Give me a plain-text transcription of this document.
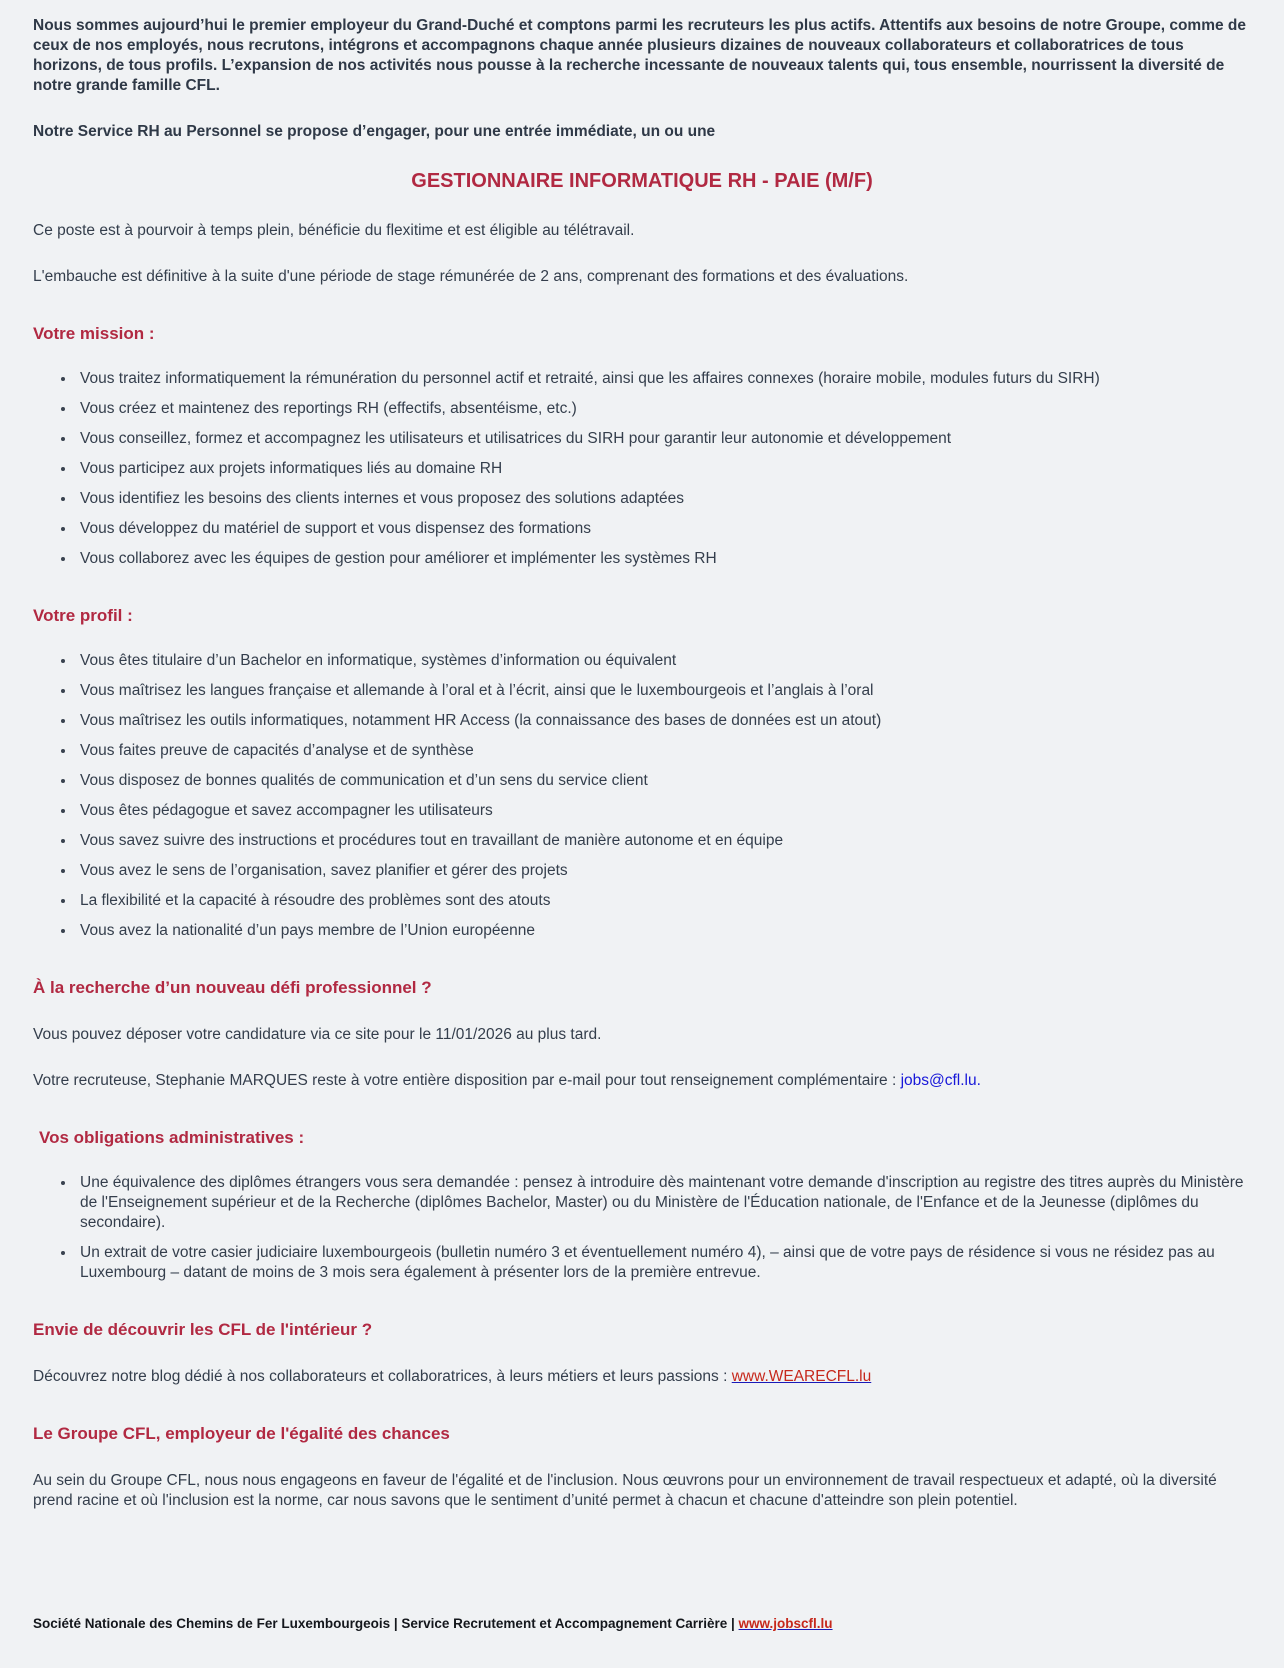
Nous sommes aujourd’hui le premier employeur du Grand-Duché et comptons parmi les recruteurs les plus actifs. Attentifs aux besoins de notre Groupe, comme de ceux de nos employés, nous recrutons, intégrons et accompagnons chaque année plusieurs dizaines de nouveaux collaborateurs et collaboratrices de tous horizons, de tous profils. L’expansion de nos activités nous pousse à la recherche incessante de nouveaux talents qui, tous ensemble, nourrissent la diversité de notre grande famille CFL.

Notre Service RH au Personnel se propose d’engager, pour une entrée immédiate, un ou une

GESTIONNAIRE INFORMATIQUE RH - PAIE (M/F)

Ce poste est à pourvoir à temps plein, bénéficie du flexitime et est éligible au télétravail.

L'embauche est définitive à la suite d'une période de stage rémunérée de 2 ans, comprenant des formations et des évaluations.

Votre mission :
Vous traitez informatiquement la rémunération du personnel actif et retraité, ainsi que les affaires connexes (horaire mobile, modules futurs du SIRH)
Vous créez et maintenez des reportings RH (effectifs, absentéisme, etc.)
Vous conseillez, formez et accompagnez les utilisateurs et utilisatrices du SIRH pour garantir leur autonomie et développement
Vous participez aux projets informatiques liés au domaine RH
Vous identifiez les besoins des clients internes et vous proposez des solutions adaptées
Vous développez du matériel de support et vous dispensez des formations
Vous collaborez avec les équipes de gestion pour améliorer et implémenter les systèmes RH
Votre profil :
Vous êtes titulaire d’un Bachelor en informatique, systèmes d’information ou équivalent
Vous maîtrisez les langues française et allemande à l’oral et à l’écrit, ainsi que le luxembourgeois et l’anglais à l’oral
Vous maîtrisez les outils informatiques, notamment HR Access (la connaissance des bases de données est un atout)
Vous faites preuve de capacités d’analyse et de synthèse
Vous disposez de bonnes qualités de communication et d’un sens du service client
Vous êtes pédagogue et savez accompagner les utilisateurs
Vous savez suivre des instructions et procédures tout en travaillant de manière autonome et en équipe
Vous avez le sens de l’organisation, savez planifier et gérer des projets
La flexibilité et la capacité à résoudre des problèmes sont des atouts
Vous avez la nationalité d’un pays membre de l’Union européenne
À la recherche d’un nouveau défi professionnel ?

Vous pouvez déposer votre candidature via ce site pour le 11/01/2026 au plus tard.

Votre recruteuse, Stephanie MARQUES reste à votre entière disposition par e-mail pour tout renseignement complémentaire : jobs@cfl.lu.

Vos obligations administratives :
Une équivalence des diplômes étrangers vous sera demandée : pensez à introduire dès maintenant votre demande d'inscription au registre des titres auprès du Ministère de l'Enseignement supérieur et de la Recherche (diplômes Bachelor, Master) ou du Ministère de l'Éducation nationale, de l'Enfance et de la Jeunesse (diplômes du secondaire).
Un extrait de votre casier judiciaire luxembourgeois (bulletin numéro 3 et éventuellement numéro 4), – ainsi que de votre pays de résidence si vous ne résidez pas au Luxembourg – datant de moins de 3 mois sera également à présenter lors de la première entrevue.
Envie de découvrir les CFL de l'intérieur ?

Découvrez notre blog dédié à nos collaborateurs et collaboratrices, à leurs métiers et leurs passions : www.WEARECFL.lu

Le Groupe CFL, employeur de l'égalité des chances

Au sein du Groupe CFL, nous nous engageons en faveur de l'égalité et de l'inclusion. Nous œuvrons pour un environnement de travail respectueux et adapté, où la diversité prend racine et où l'inclusion est la norme, car nous savons que le sentiment d’unité permet à chacun et chacune d'atteindre son plein potentiel.

Société Nationale des Chemins de Fer Luxembourgeois | Service Recrutement et Accompagnement Carrière | www.jobscfl.lu
